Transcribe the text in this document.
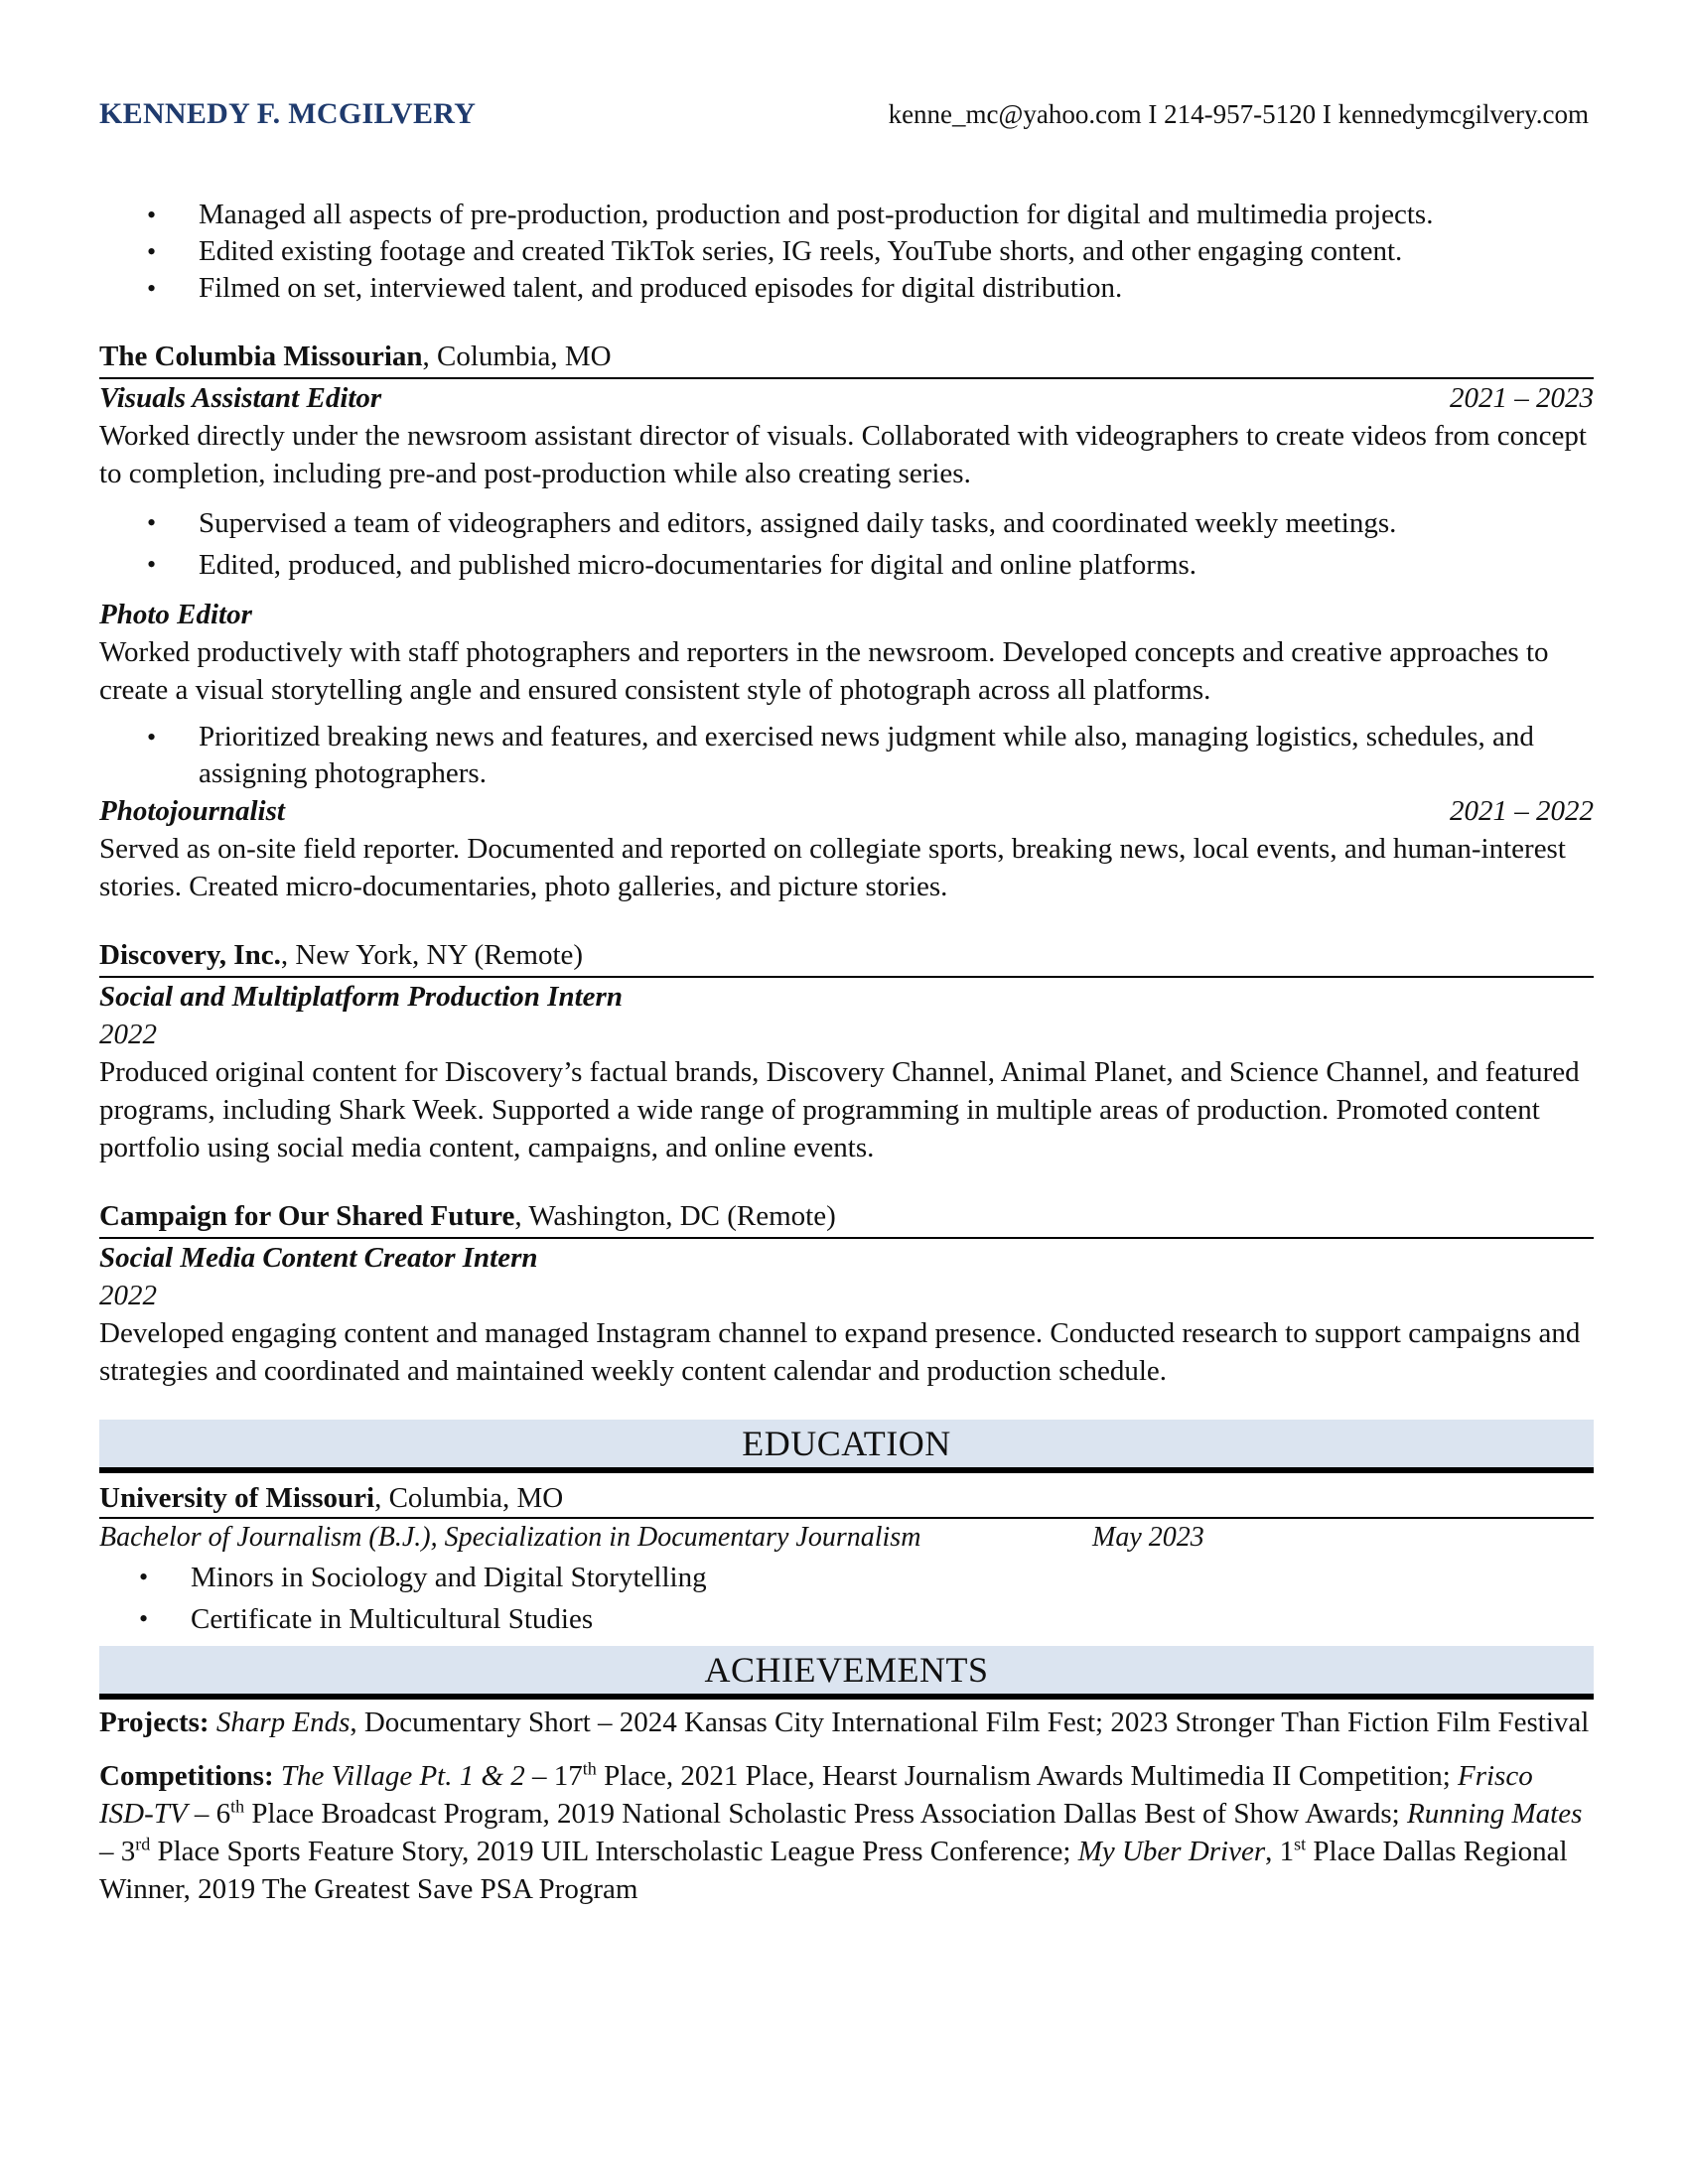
KENNEDY F. MCGILVERY	kenne_mc@yahoo.com I 214-957-5120 I kennedymcgilvery.com
• Managed all aspects of pre-production, production and post-production for digital and multimedia projects.
• Edited existing footage and created TikTok series, IG reels, YouTube shorts, and other engaging content.
• Filmed on set, interviewed talent, and produced episodes for digital distribution.
The Columbia Missourian, Columbia, MO
Visuals Assistant Editor	2021 – 2023
Worked directly under the newsroom assistant director of visuals. Collaborated with videographers to create videos from concept to completion, including pre-and post-production while also creating series.
• Supervised a team of videographers and editors, assigned daily tasks, and coordinated weekly meetings.
• Edited, produced, and published micro-documentaries for digital and online platforms.
Photo Editor
Worked productively with staff photographers and reporters in the newsroom. Developed concepts and creative approaches to create a visual storytelling angle and ensured consistent style of photograph across all platforms.
• Prioritized breaking news and features, and exercised news judgment while also, managing logistics, schedules, and assigning photographers.
Photojournalist	2021 – 2022
Served as on-site field reporter. Documented and reported on collegiate sports, breaking news, local events, and human-interest stories. Created micro-documentaries, photo galleries, and picture stories.
Discovery, Inc., New York, NY (Remote)
Social and Multiplatform Production Intern
2022
Produced original content for Discovery’s factual brands, Discovery Channel, Animal Planet, and Science Channel, and featured programs, including Shark Week. Supported a wide range of programming in multiple areas of production. Promoted content portfolio using social media content, campaigns, and online events.
Campaign for Our Shared Future, Washington, DC (Remote)
Social Media Content Creator Intern
2022
Developed engaging content and managed Instagram channel to expand presence. Conducted research to support campaigns and strategies and coordinated and maintained weekly content calendar and production schedule.
EDUCATION
University of Missouri, Columbia, MO
Bachelor of Journalism (B.J.), Specialization in Documentary Journalism	May 2023
• Minors in Sociology and Digital Storytelling
• Certificate in Multicultural Studies
ACHIEVEMENTS
Projects: Sharp Ends, Documentary Short – 2024 Kansas City International Film Fest; 2023 Stronger Than Fiction Film Festival
Competitions: The Village Pt. 1 & 2 – 17th Place, 2021 Place, Hearst Journalism Awards Multimedia II Competition; Frisco ISD-TV – 6th Place Broadcast Program, 2019 National Scholastic Press Association Dallas Best of Show Awards; Running Mates – 3rd Place Sports Feature Story, 2019 UIL Interscholastic League Press Conference; My Uber Driver, 1st Place Dallas Regional Winner, 2019 The Greatest Save PSA Program
